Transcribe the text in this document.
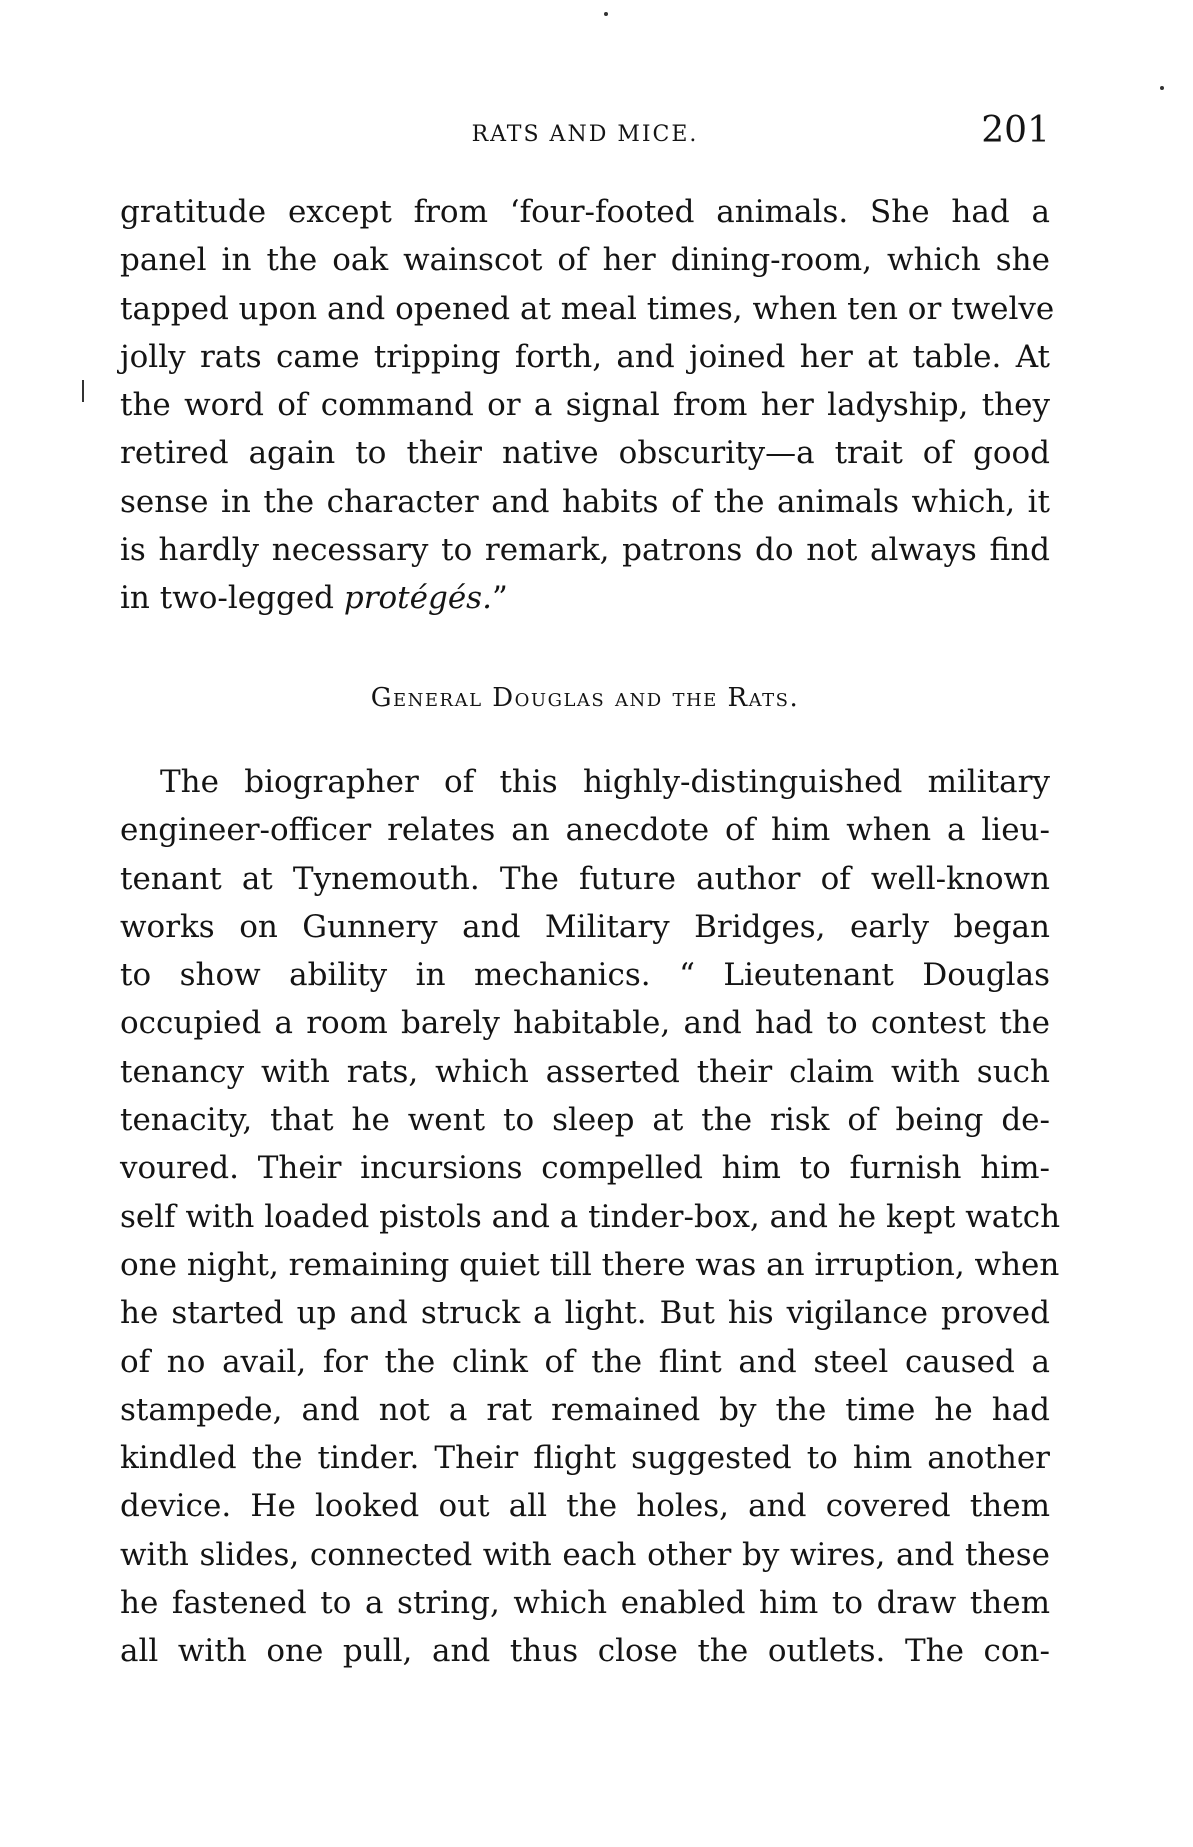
RATS AND MICE.	201
gratitude except from ‘four-footed animals. She had a
panel in the oak wainscot of her dining-room, which she
tapped upon and opened at meal times, when ten or twelve
jolly rats came tripping forth, and joined her at table. At
the word of command or a signal from her ladyship, they
retired again to their native obscurity—a trait of good
sense in the character and habits of the animals which, it
is hardly necessary to remark, patrons do not always find
in two-legged protégés.”
General Douglas and the Rats.
The biographer of this highly-distinguished military
engineer-officer relates an anecdote of him when a lieu-
tenant at Tynemouth. The future author of well-known
works on Gunnery and Military Bridges, early began
to show ability in mechanics. “ Lieutenant Douglas
occupied a room barely habitable, and had to contest the
tenancy with rats, which asserted their claim with such
tenacity, that he went to sleep at the risk of being de-
voured. Their incursions compelled him to furnish him-
self with loaded pistols and a tinder-box, and he kept watch
one night, remaining quiet till there was an irruption, when
he started up and struck a light. But his vigilance proved
of no avail, for the clink of the flint and steel caused a
stampede, and not a rat remained by the time he had
kindled the tinder. Their flight suggested to him another
device. He looked out all the holes, and covered them
with slides, connected with each other by wires, and these
he fastened to a string, which enabled him to draw them
all with one pull, and thus close the outlets. The con-
